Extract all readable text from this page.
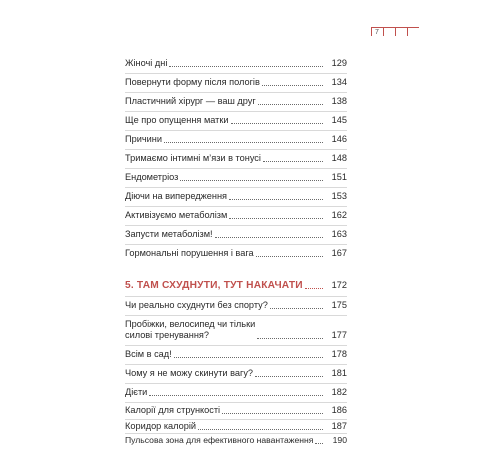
7
Жіночі дні	129
Повернути форму після пологів	134
Пластичний хірург — ваш друг	138
Ще про опущення матки	145
Причини	146
Тримаємо інтимні м’язи в тонусі	148
Ендометріоз	151
Діючи на випередження	153
Активізуємо метаболізм	162
Запусти метаболізм!	163
Гормональні порушення і вага	167
5. ТАМ СХУДНУТИ, ТУТ НАКАЧАТИ	172
Чи реально схуднути без спорту?	175
Пробіжки, велосипед чи тільки
силові тренування?	177
Всім в сад!	178
Чому я не можу скинути вагу?	181
Дієти	182
Калорії для стрункості	186
Коридор калорій	187
Пульсова зона для ефективного навантаження	190
